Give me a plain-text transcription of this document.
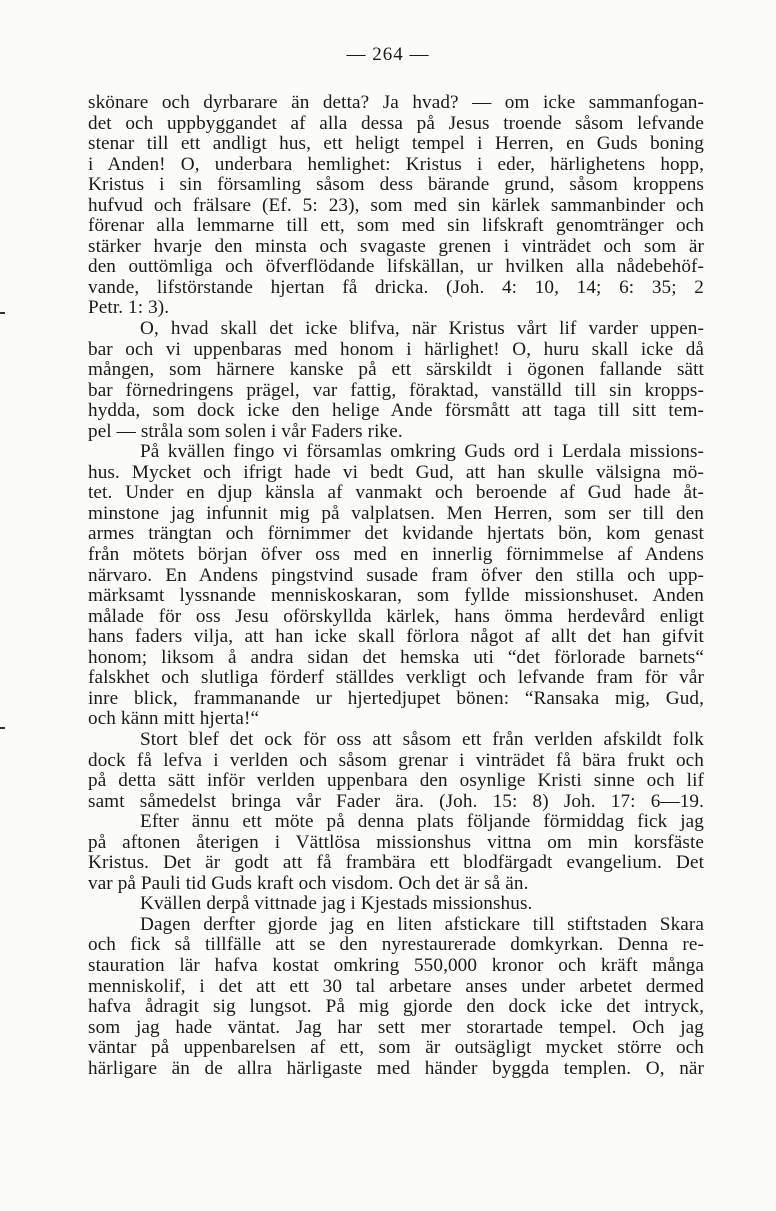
— 264 —
skönare och dyrbarare än detta? Ja hvad? — om icke sammanfogan-
det och uppbyggandet af alla dessa på Jesus troende såsom lefvande
stenar till ett andligt hus, ett heligt tempel i Herren, en Guds boning
i Anden! O, underbara hemlighet: Kristus i eder, härlighetens hopp,
Kristus i sin församling såsom dess bärande grund, såsom kroppens
hufvud och frälsare (Ef. 5: 23), som med sin kärlek sammanbinder och
förenar alla lemmarne till ett, som med sin lifskraft genomtränger och
stärker hvarje den minsta och svagaste grenen i vinträdet och som är
den outtömliga och öfverflödande lifskällan, ur hvilken alla nådebehöf-
vande, lifstörstande hjertan få dricka. (Joh. 4: 10, 14; 6: 35; 2
Petr. 1: 3).
O, hvad skall det icke blifva, när Kristus vårt lif varder uppen-
bar och vi uppenbaras med honom i härlighet! O, huru skall icke då
mången, som härnere kanske på ett särskildt i ögonen fallande sätt
bar förnedringens prägel, var fattig, föraktad, vanställd till sin kropps-
hydda, som dock icke den helige Ande försmått att taga till sitt tem-
pel — stråla som solen i vår Faders rike.
På kvällen fingo vi församlas omkring Guds ord i Lerdala missions-
hus. Mycket och ifrigt hade vi bedt Gud, att han skulle välsigna mö-
tet. Under en djup känsla af vanmakt och beroende af Gud hade åt-
minstone jag infunnit mig på valplatsen. Men Herren, som ser till den
armes trängtan och förnimmer det kvidande hjertats bön, kom genast
från mötets början öfver oss med en innerlig förnimmelse af Andens
närvaro. En Andens pingstvind susade fram öfver den stilla och upp-
märksamt lyssnande menniskoskaran, som fyllde missionshuset. Anden
målade för oss Jesu oförskyllda kärlek, hans ömma herdevård enligt
hans faders vilja, att han icke skall förlora något af allt det han gifvit
honom; liksom å andra sidan det hemska uti “det förlorade barnets“
falskhet och slutliga förderf ställdes verkligt och lefvande fram för vår
inre blick, frammanande ur hjertedjupet bönen: “Ransaka mig, Gud,
och känn mitt hjerta!“
Stort blef det ock för oss att såsom ett från verlden afskildt folk
dock få lefva i verlden och såsom grenar i vinträdet få bära frukt och
på detta sätt inför verlden uppenbara den osynlige Kristi sinne och lif
samt såmedelst bringa vår Fader ära. (Joh. 15: 8) Joh. 17: 6—19.
Efter ännu ett möte på denna plats följande förmiddag fick jag
på aftonen återigen i Vättlösa missionshus vittna om min korsfäste
Kristus. Det är godt att få frambära ett blodfärgadt evangelium. Det
var på Pauli tid Guds kraft och visdom. Och det är så än.
Kvällen derpå vittnade jag i Kjestads missionshus.
Dagen derfter gjorde jag en liten afstickare till stiftstaden Skara
och fick så tillfälle att se den nyrestaurerade domkyrkan. Denna re-
stauration lär hafva kostat omkring 550,000 kronor och kräft många
menniskolif, i det att ett 30 tal arbetare anses under arbetet dermed
hafva ådragit sig lungsot. På mig gjorde den dock icke det intryck,
som jag hade väntat. Jag har sett mer storartade tempel. Och jag
väntar på uppenbarelsen af ett, som är outsägligt mycket större och
härligare än de allra härligaste med händer byggda templen. O, när
